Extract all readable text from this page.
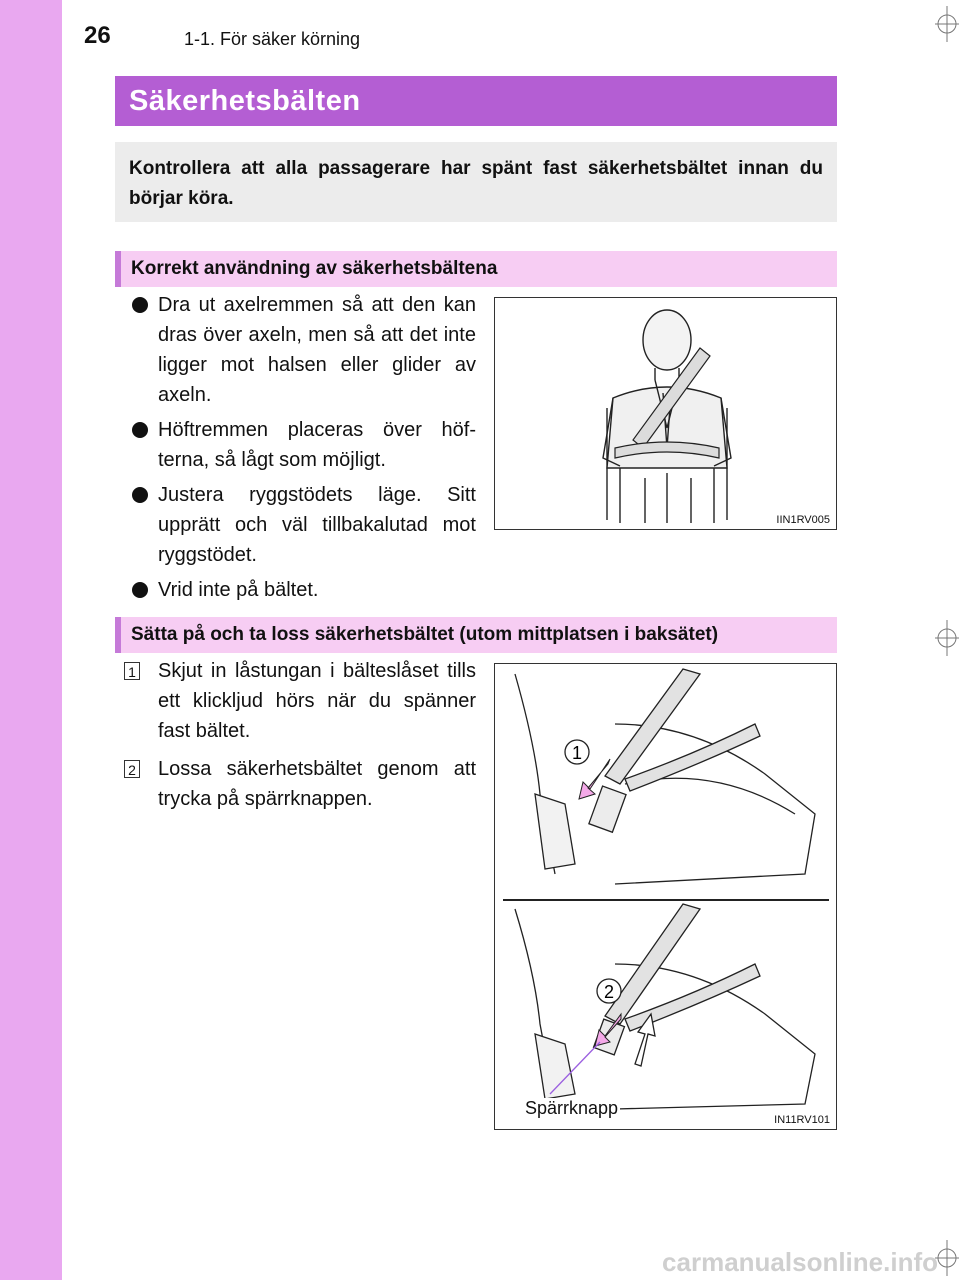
26	1-1. För säker körning
Säkerhetsbälten
Kontrollera att alla passagerare har spänt fast säkerhetsbältet innan du börjar köra.
Korrekt användning av säkerhetsbältena
Dra ut axelremmen så att den kan dras över axeln, men så att det inte ligger mot halsen eller glider av axeln.
Höftremmen placeras över höf-terna, så lågt som möjligt.
Justera ryggstödets läge. Sitt upprätt och väl tillbakalutad mot ryggstödet.
Vrid inte på bältet.
IIN1RV005
Sätta på och ta loss säkerhetsbältet (utom mittplatsen i baksätet)
1 Skjut in låstungan i bälteslåset tills ett klickljud hörs när du spänner fast bältet.
2 Lossa säkerhetsbältet genom att trycka på spärrknappen.
1
2
Spärrknapp
IN11RV101
carmanualsonline.info
